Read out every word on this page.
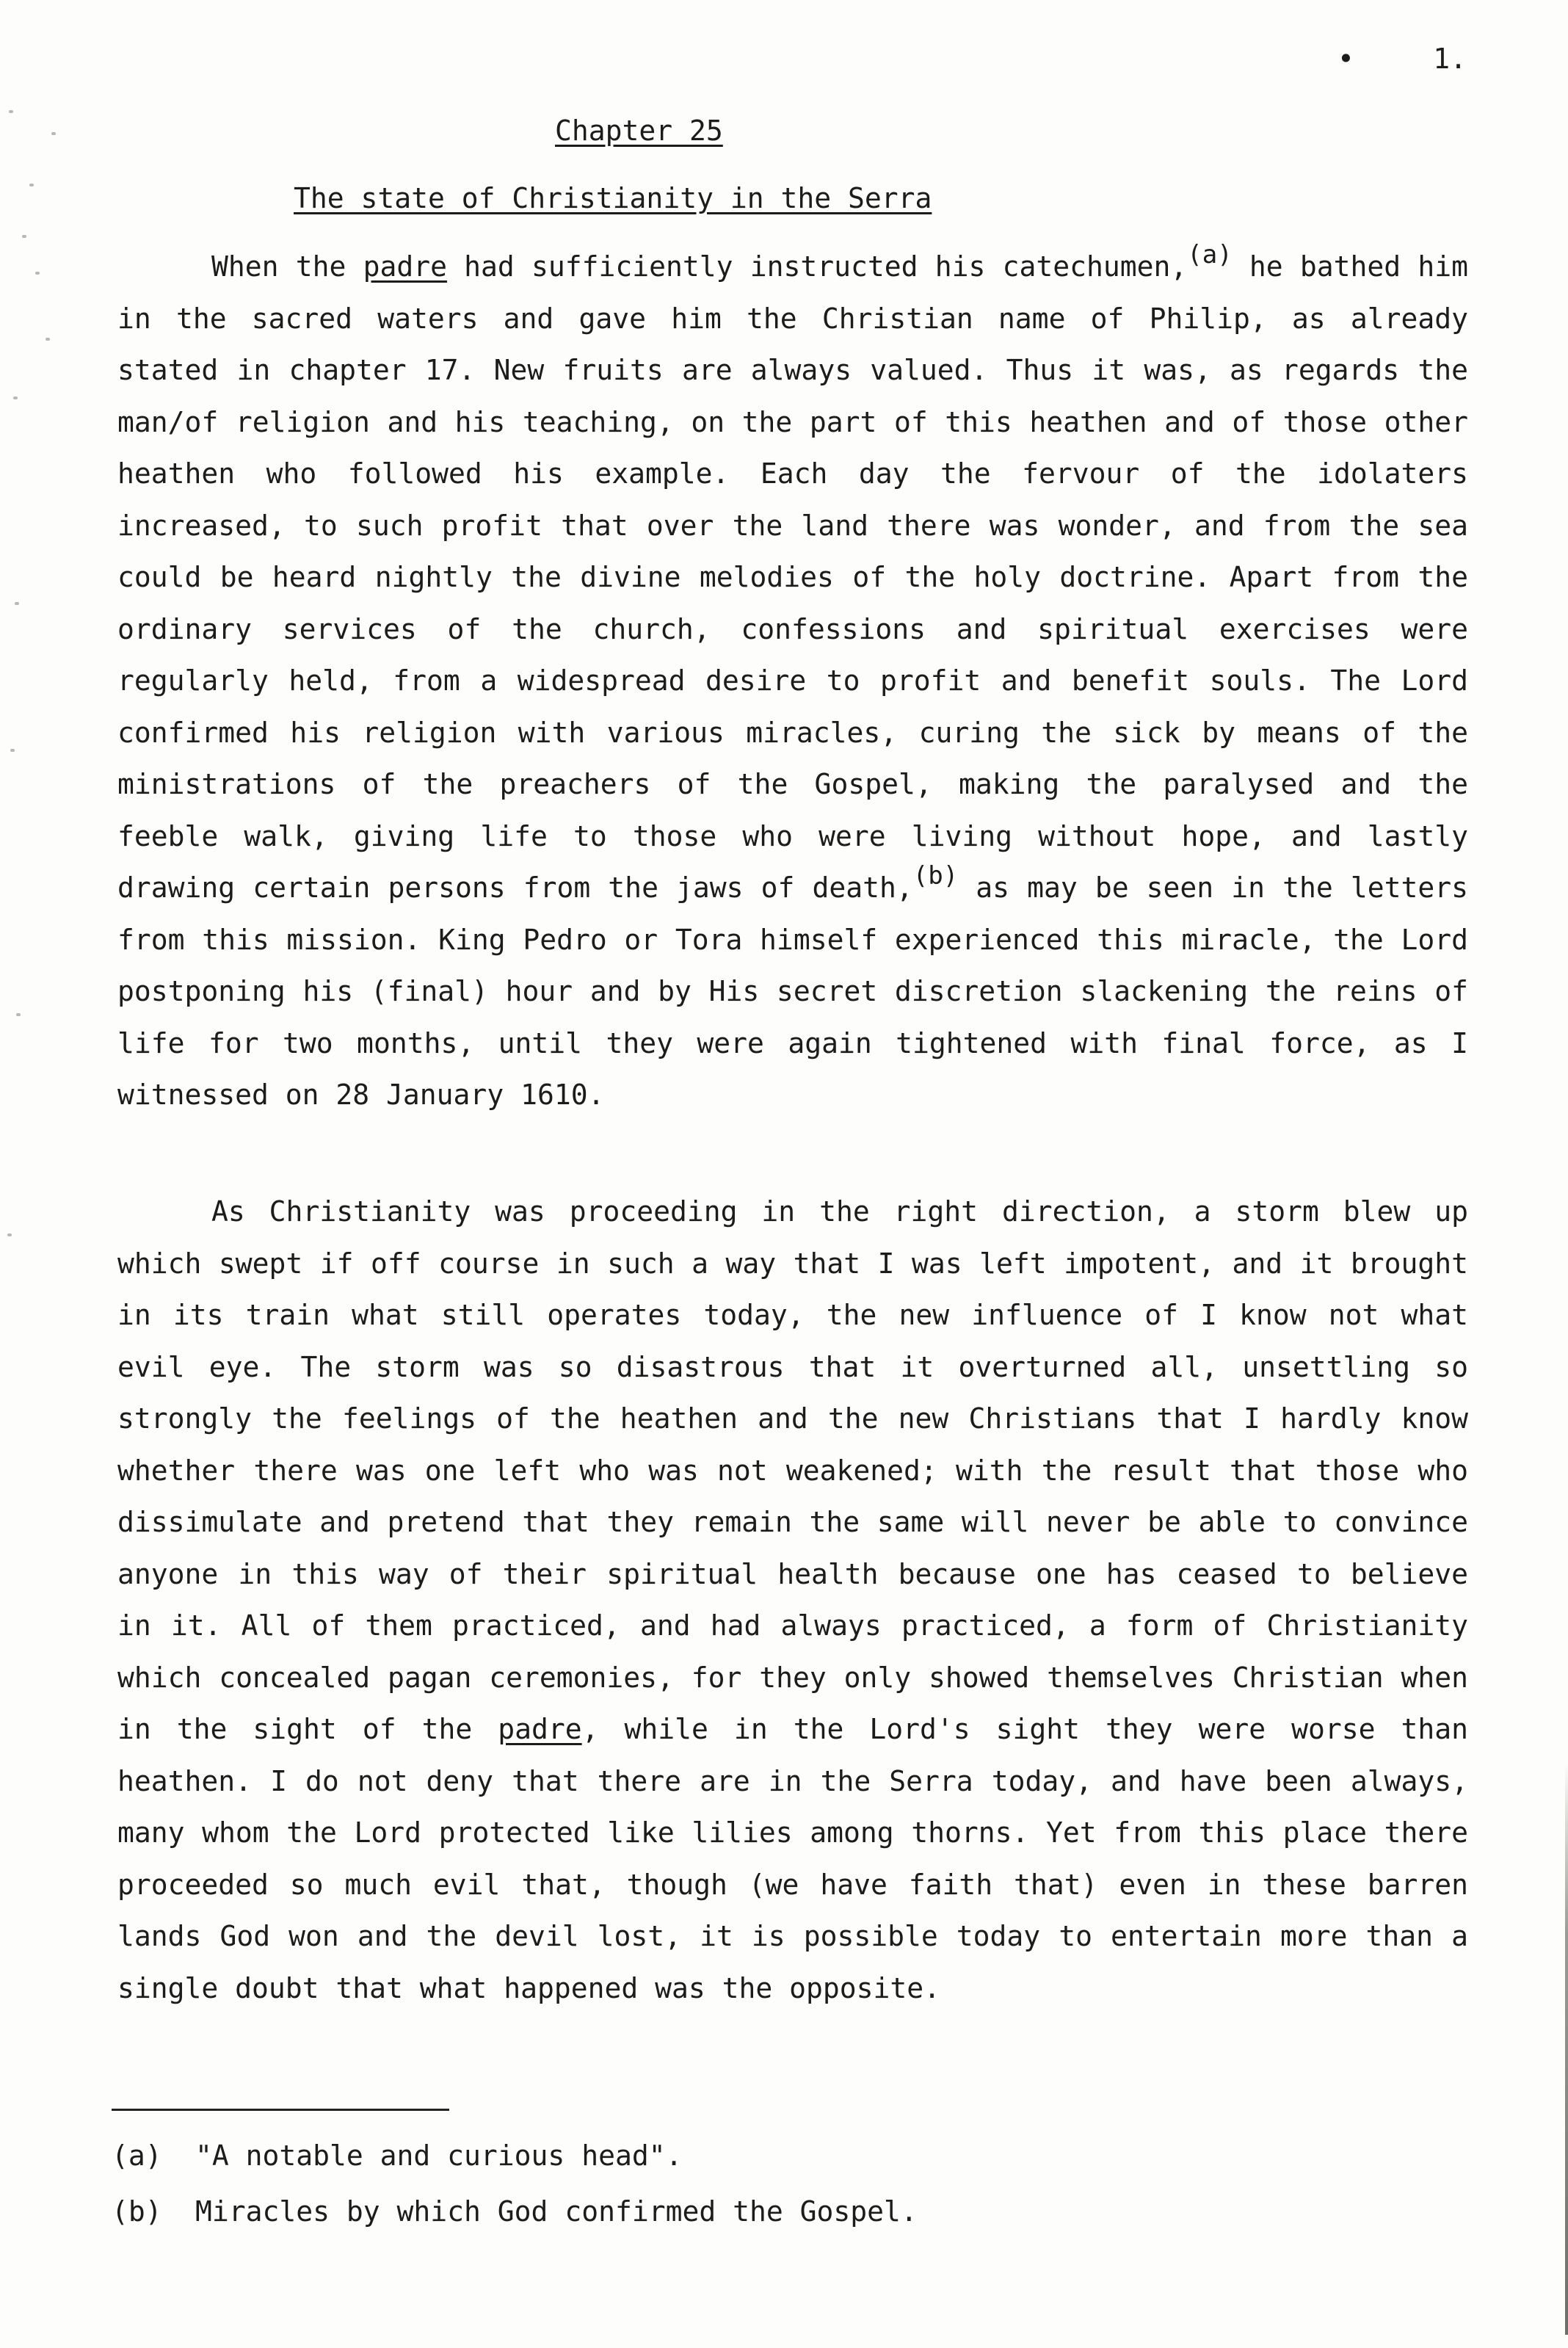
•	1.
Chapter 25
The state of Christianity in the Serra

When the padre had sufficiently instructed his catechumen,$^{(a)}$ he bathed him in the sacred waters and gave him the Christian name of Philip, as already stated in chapter 17. New fruits are always valued. Thus it was, as regards the man/of religion and his teaching, on the part of this heathen and of those other heathen who followed his example. Each day the fervour of the idolaters increased, to such profit that over the land there was wonder, and from the sea could be heard nightly the divine melodies of the holy doctrine. Apart from the ordinary services of the church, confessions and spiritual exercises were regularly held, from a widespread desire to profit and benefit souls. The Lord confirmed his religion with various miracles, curing the sick by means of the ministrations of the preachers of the Gospel, making the paralysed and the feeble walk, giving life to those who were living without hope, and lastly drawing certain persons from the jaws of death,$^{(b)}$ as may be seen in the letters from this mission. King Pedro or Tora himself experienced this miracle, the Lord postponing his (final) hour and by His secret discretion slackening the reins of life for two months, until they were again tightened with final force, as I witnessed on 28 January 1610.

As Christianity was proceeding in the right direction, a storm blew up which swept if off course in such a way that I was left impotent, and it brought in its train what still operates today, the new influence of I know not what evil eye. The storm was so disastrous that it overturned all, unsettling so strongly the feelings of the heathen and the new Christians that I hardly know whether there was one left who was not weakened; with the result that those who dissimulate and pretend that they remain the same will never be able to convince anyone in this way of their spiritual health because one has ceased to believe in it. All of them practiced, and had always practiced, a form of Christianity which concealed pagan ceremonies, for they only showed themselves Christian when in the sight of the padre, while in the Lord's sight they were worse than heathen. I do not deny that there are in the Serra today, and have been always, many whom the Lord protected like lilies among thorns. Yet from this place there proceeded so much evil that, though (we have faith that) even in these barren lands God won and the devil lost, it is possible today to entertain more than a single doubt that what happened was the opposite.

(a)	"A notable and curious head".
(b)	Miracles by which God confirmed the Gospel.
